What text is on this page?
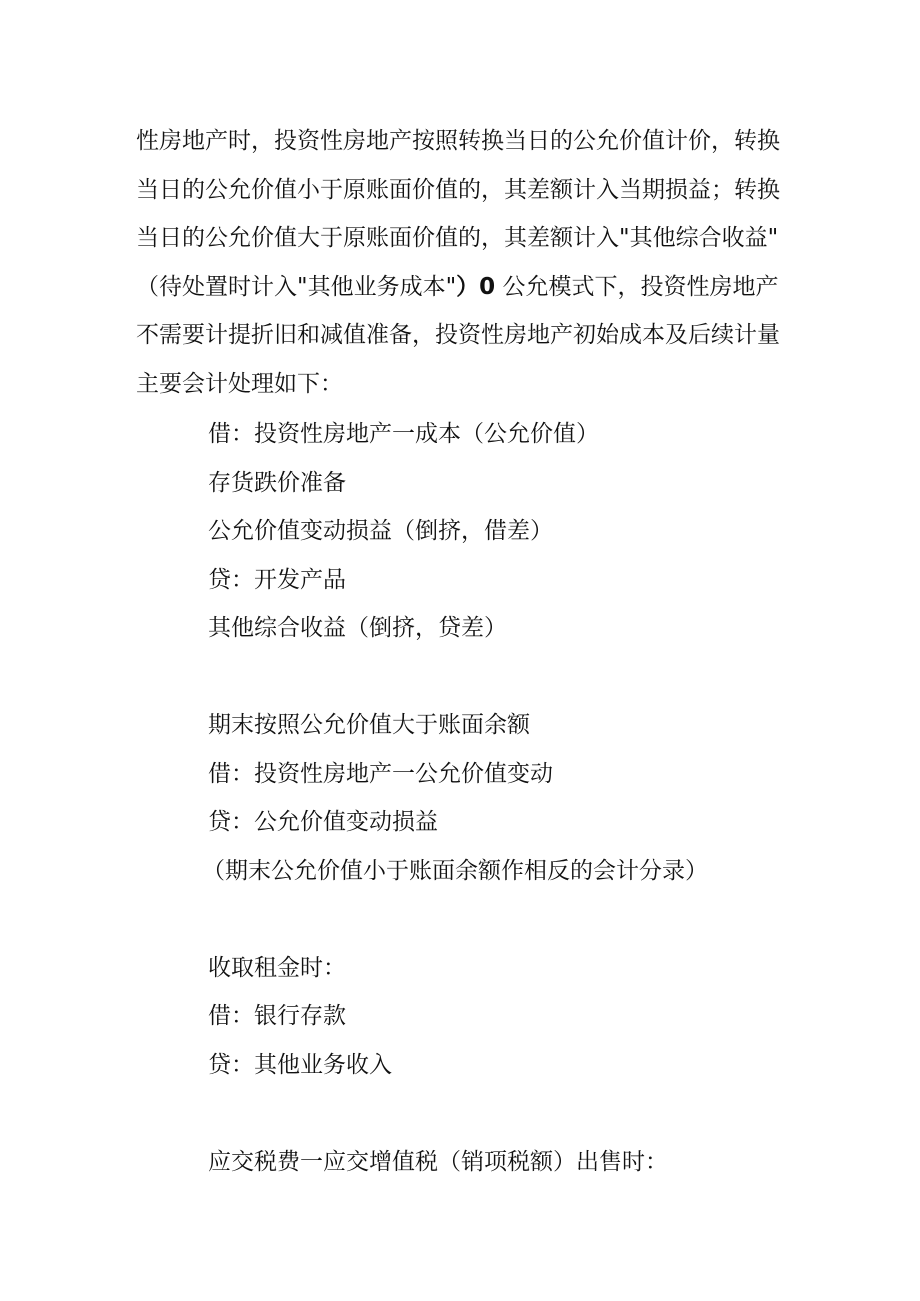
性房地产时，投资性房地产按照转换当日的公允价值计价，转换
当日的公允价值小于原账面价值的，其差额计入当期损益；转换
当日的公允价值大于原账面价值的，其差额计入"其他综合收益"
（待处置时计入"其他业务成本"）0 公允模式下，投资性房地产
不需要计提折旧和减值准备，投资性房地产初始成本及后续计量
主要会计处理如下：
借：投资性房地产一成本（公允价值）
存货跌价准备
公允价值变动损益（倒挤，借差）
贷：开发产品
其他综合收益（倒挤，贷差）
期末按照公允价值大于账面余额
借：投资性房地产一公允价值变动
贷：公允价值变动损益
（期末公允价值小于账面余额作相反的会计分录）
收取租金时：
借：银行存款
贷：其他业务收入
应交税费一应交增值税（销项税额）出售时：
